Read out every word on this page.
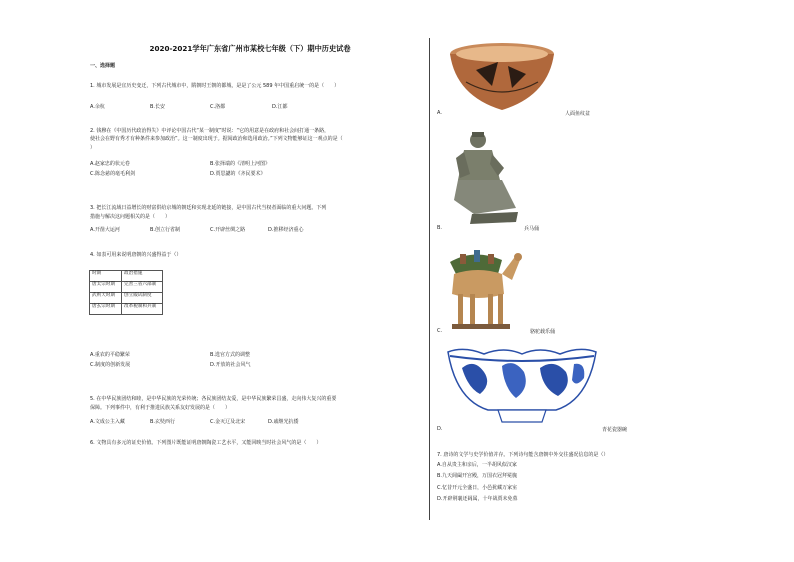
2020-2021学年广东省广州市某校七年级（下）期中历史试卷
一、选择题
1. 城市发展是宜历史变迁，下列古代城市中，隋朝时王朝的都城，是是了公元 589 年中国重启统一的是（　　）
A.余杭	B.长安	C.洛都	D.江都
2. 钱穆在《中国历代政治得失》中评论中国古代“某一制度”时说：“它的用意是在政府和社会间打通一条路，
使社会在野有秀才有种条件来参加政治”。这一制度出现于。据阅政治和选用政治。”下列文物能够证这一观点的是（
）
A.赵家忠的状元卷	B.张择端的《清明上河图》
C.陈念慈的毫毛利剑	D.贾思勰的《齐民要术》
3. 把长江流域日益增长的财富供给京城的朝廷和实现北延的链接，是中国古代当权者面临的重大问题。下列
措施与解决这问题相关的是（　　）
A.开凿大运河	B.创立行省制	C.开辟丝绸之路	D.推移经济重心
4. 如表可用来说明唐朝的兴盛得益于（）
时期	政治措施
唐太宗时期	完善三省六部制
武则天时期	创立殿试制度
唐玄宗时期	改革税制和兵制
A.重农的平稳繁荣	B.选官方式的调整
C.制度的创新发展	D.开放的社会风气
5. 在中华民族团结和睦，是中华民族的光荣传统；各民族团结友爱，是中华民族繁荣昌盛，走向伟大复兴的重要
保障。下列事件中，有利于推进民族关系友好发展的是（　　）
A.文成公主入藏	B.玄奘西行	C.金灭辽及北宋	D.戚继光抗倭
6. 文物具有多元的证史价值。下列图片既能证明唐朝陶瓷工艺水平，又能回映当时社会风气的是（　　）
A.	人面鱼纹盆
B.	兵马俑
C.	骆驼载乐俑
D.	青花瓷器碗
7. 唐诗的文学与史学价值并存。下列诗句能含唐朝中外交往盛况信息的是（）
A.自从贵主和亲后，一半胡风似汉家
B.九天阊阖开宫殿，万国衣冠拜冕旒
C.忆昔开元全盛日，小邑犹藏万家室
D.开辟荆襄还阔属，十年战贾未免墓
